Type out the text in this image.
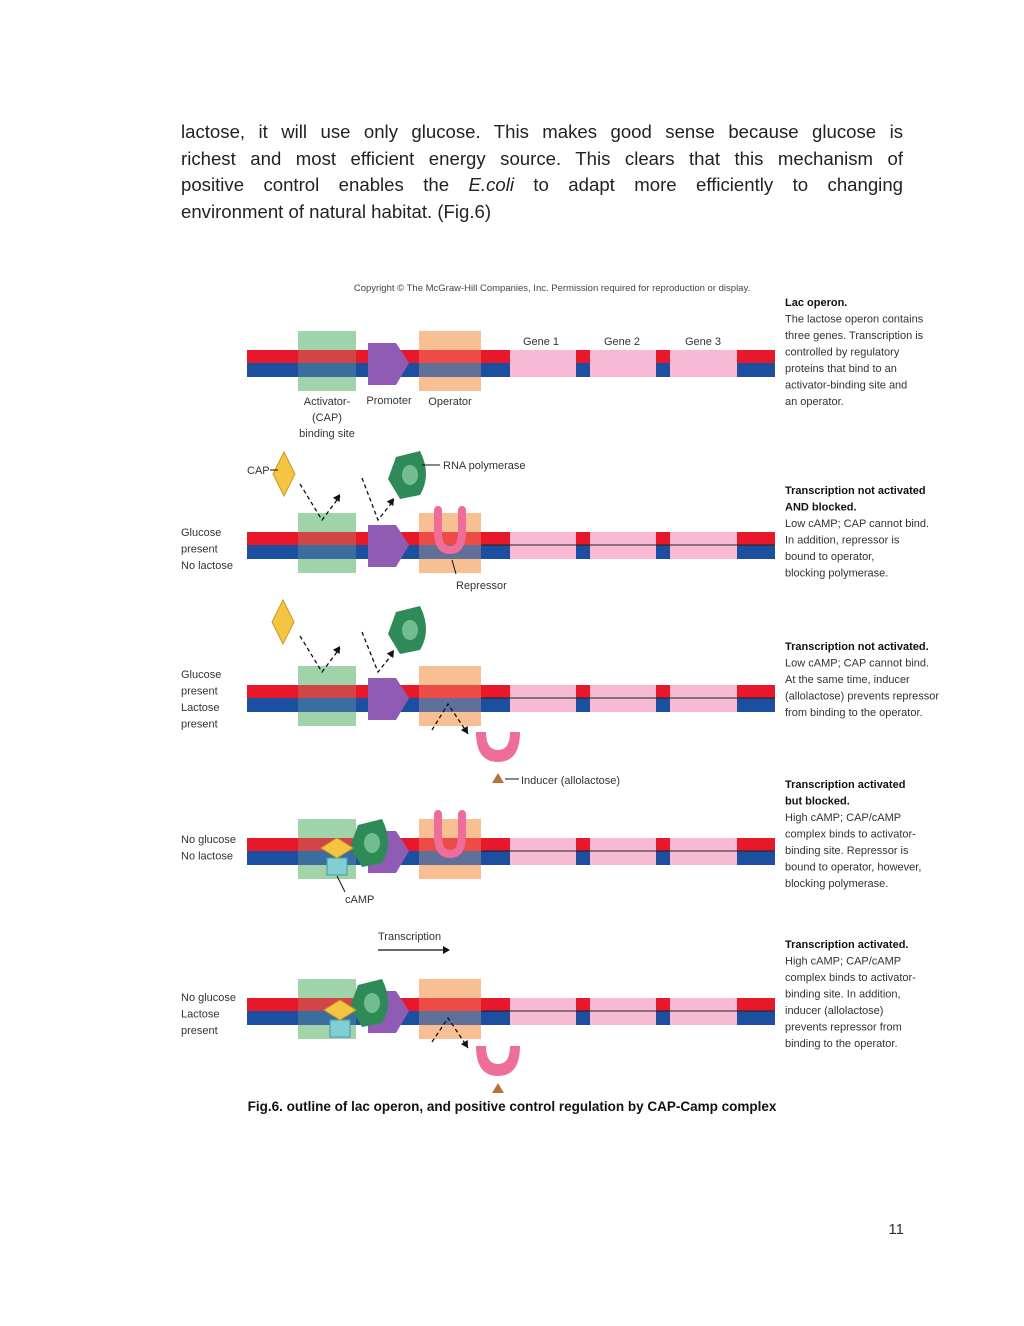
lactose, it will use only glucose. This makes good sense because glucose is
richest and most efficient energy source. This clears that this mechanism of
positive control enables the E.coli to adapt more efficiently to changing
environment of natural habitat. (Fig.6)
Copyright © The McGraw-Hill Companies, Inc. Permission required for reproduction or display.
Gene 1	Gene 2	Gene 3
Activator-
(CAP)
binding site
Promoter Operator
CAP	RNA polymerase
Repressor
Inducer (allolactose)
cAMP
Transcription
Glucose
present
No lactose
Glucose
present
Lactose
present
No glucose
No lactose
No glucose
Lactose
present
Lac operon.
The lactose operon contains
three genes. Transcription is
controlled by regulatory
proteins that bind to an
activator-binding site and
an operator.
Transcription not activated
AND blocked.
Low cAMP; CAP cannot bind.
In addition, repressor is
bound to operator,
blocking polymerase.
Transcription not activated.
Low cAMP; CAP cannot bind.
At the same time, inducer
(allolactose) prevents repressor
from binding to the operator.
Transcription activated
but blocked.
High cAMP; CAP/cAMP
complex binds to activator-
binding site. Repressor is
bound to operator, however,
blocking polymerase.
Transcription activated.
High cAMP; CAP/cAMP
complex binds to activator-
binding site. In addition,
inducer (allolactose)
prevents repressor from
binding to the operator.
Fig.6. outline of lac operon, and positive control regulation by CAP-Camp complex
11
